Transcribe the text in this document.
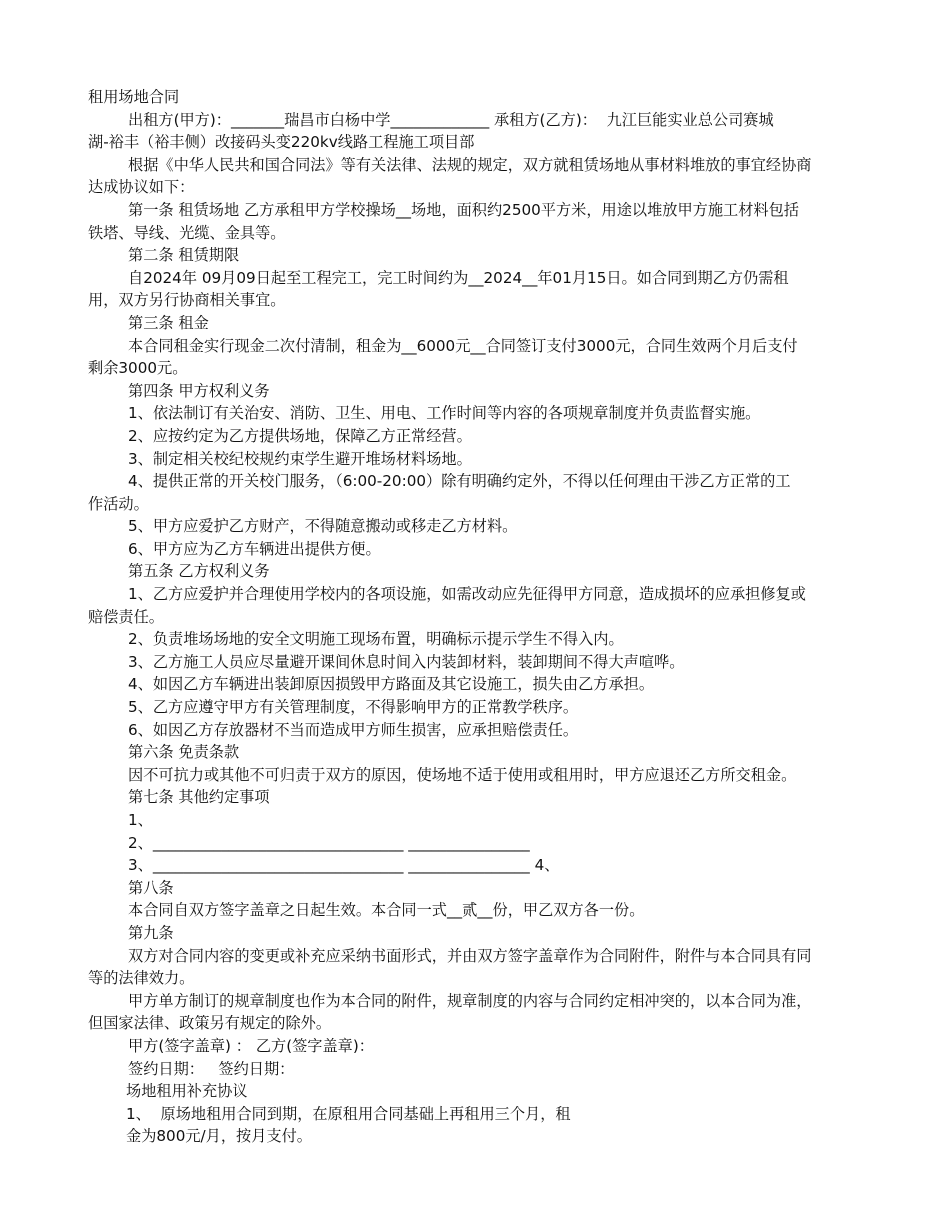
租用场地合同
出租方(甲方)：_______瑞昌市白杨中学_____________ 承租方(乙方)：  九江巨能实业总公司赛城
湖-裕丰（裕丰侧）改接码头变220kv线路工程施工项目部
根据《中华人民共和国合同法》等有关法律、法规的规定，双方就租赁场地从事材料堆放的事宜经协商
达成协议如下：
第一条 租赁场地 乙方承租甲方学校操场__场地，面积约2500平方米，用途以堆放甲方施工材料包括
铁塔、导线、光缆、金具等。
第二条 租赁期限
自2024年 09月09日起至工程完工，完工时间约为__2024__年01月15日。如合同到期乙方仍需租
用，双方另行协商相关事宜。
第三条 租金
本合同租金实行现金二次付清制，租金为__6000元__合同签订支付3000元，合同生效两个月后支付
剩余3000元。
第四条 甲方权利义务
1、依法制订有关治安、消防、卫生、用电、工作时间等内容的各项规章制度并负责监督实施。
2、应按约定为乙方提供场地，保障乙方正常经营。
3、制定相关校纪校规约束学生避开堆场材料场地。
4、提供正常的开关校门服务，（6:00-20:00）除有明确约定外，不得以任何理由干涉乙方正常的工
作活动。
5、甲方应爱护乙方财产，不得随意搬动或移走乙方材料。
6、甲方应为乙方车辆进出提供方便。
第五条 乙方权利义务
1、乙方应爱护并合理使用学校内的各项设施，如需改动应先征得甲方同意，造成损坏的应承担修复或
赔偿责任。
2、负责堆场场地的安全文明施工现场布置，明确标示提示学生不得入内。
3、乙方施工人员应尽量避开课间休息时间入内装卸材料，装卸期间不得大声喧哗。
4、如因乙方车辆进出装卸原因损毁甲方路面及其它设施工，损失由乙方承担。
5、乙方应遵守甲方有关管理制度，不得影响甲方的正常教学秩序。
6、如因乙方存放器材不当而造成甲方师生损害，应承担赔偿责任。
第六条 免责条款
因不可抗力或其他不可归责于双方的原因，使场地不适于使用或租用时，甲方应退还乙方所交租金。
第七条 其他约定事项
1、
2、_________________________________ ________________
3、_________________________________ ________________ 4、
第八条
本合同自双方签字盖章之日起生效。本合同一式__贰__份，甲乙双方各一份。
第九条
双方对合同内容的变更或补充应采纳书面形式，并由双方签字盖章作为合同附件，附件与本合同具有同
等的法律效力。
甲方单方制订的规章制度也作为本合同的附件，规章制度的内容与合同约定相冲突的，以本合同为准，
但国家法律、政策另有规定的除外。
甲方(签字盖章) ： 乙方(签字盖章)：
签约日期：   签约日期：
场地租用补充协议
1、  原场地租用合同到期，在原租用合同基础上再租用三个月，租
金为800元/月，按月支付。
